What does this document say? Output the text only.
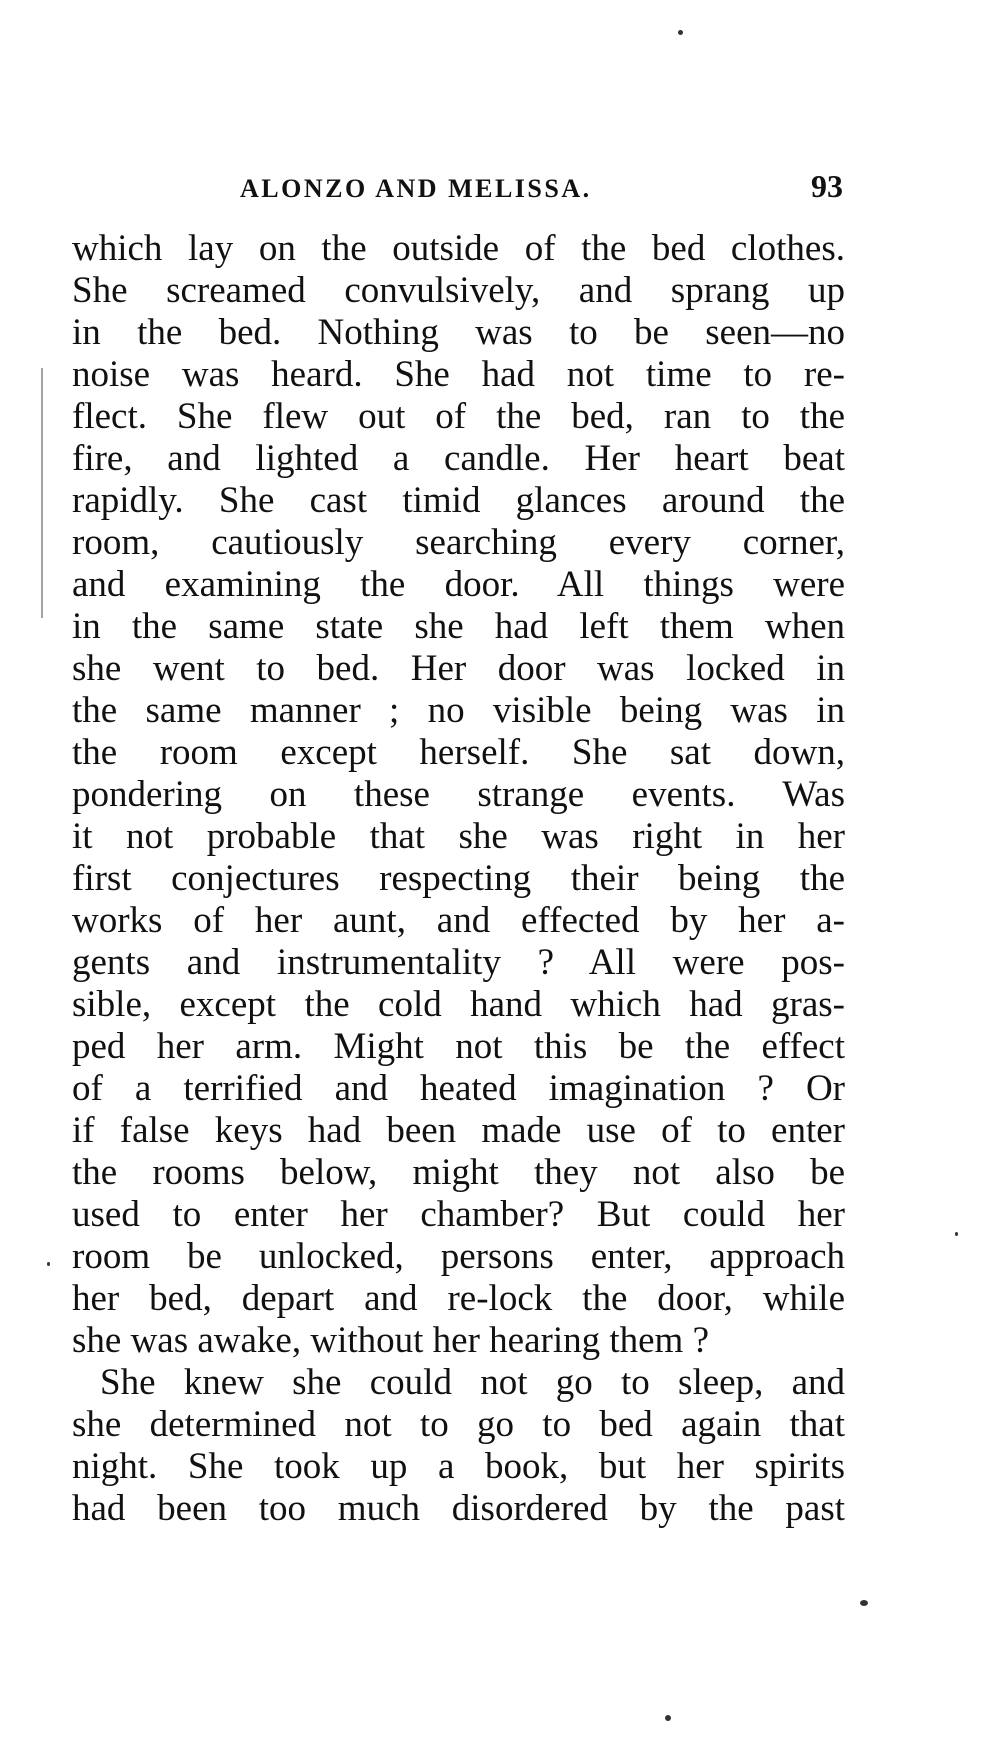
ALONZO AND MELISSA.	93
which lay on the outside of the bed clothes.
She screamed convulsively, and sprang up
in the bed. Nothing was to be seen—no
noise was heard. She had not time to re-
flect. She flew out of the bed, ran to the
fire, and lighted a candle. Her heart beat
rapidly. She cast timid glances around the
room, cautiously searching every corner,
and examining the door. All things were
in the same state she had left them when
she went to bed. Her door was locked in
the same manner ; no visible being was in
the room except herself. She sat down,
pondering on these strange events. Was
it not probable that she was right in her
first conjectures respecting their being the
works of her aunt, and effected by her a-
gents and instrumentality ? All were pos-
sible, except the cold hand which had gras-
ped her arm. Might not this be the effect
of a terrified and heated imagination ? Or
if false keys had been made use of to enter
the rooms below, might they not also be
used to enter her chamber? But could her
room be unlocked, persons enter, approach
her bed, depart and re-lock the door, while
she was awake, without her hearing them ?
She knew she could not go to sleep, and
she determined not to go to bed again that
night. She took up a book, but her spirits
had been too much disordered by the past
